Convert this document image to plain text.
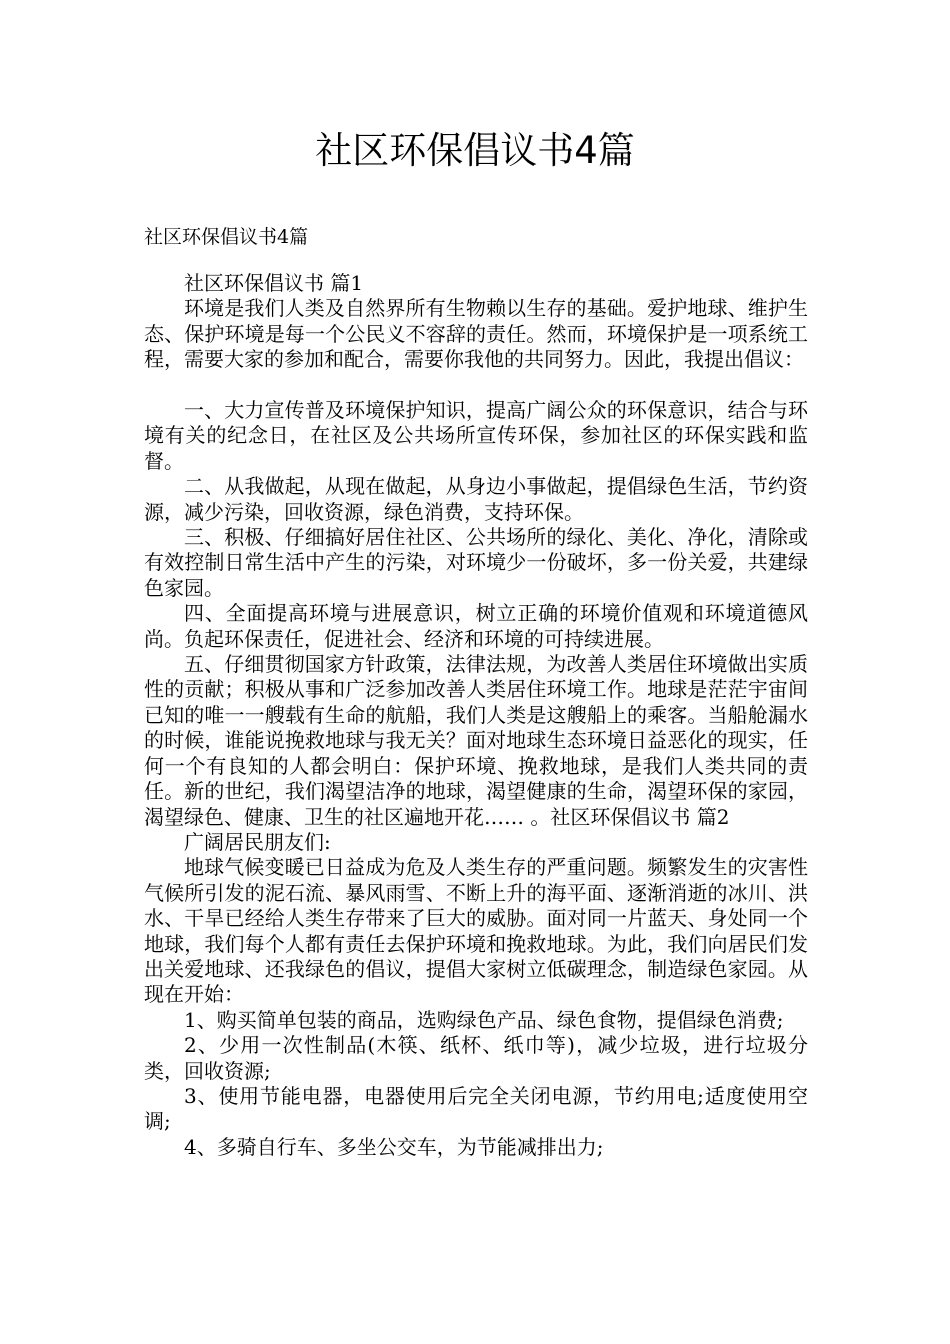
社区环保倡议书4篇

社区环保倡议书4篇

社区环保倡议书 篇1

环境是我们人类及自然界所有生物赖以生存的基础。爱护地球、维护生态、保护环境是每一个公民义不容辞的责任。然而，环境保护是一项系统工程，需要大家的参加和配合，需要你我他的共同努力。因此，我提出倡议：

一、大力宣传普及环境保护知识，提高广阔公众的环保意识，结合与环境有关的纪念日，在社区及公共场所宣传环保，参加社区的环保实践和监督。

二、从我做起，从现在做起，从身边小事做起，提倡绿色生活，节约资源，减少污染，回收资源，绿色消费，支持环保。

三、积极、仔细搞好居住社区、公共场所的绿化、美化、净化，清除或有效控制日常生活中产生的污染，对环境少一份破坏，多一份关爱，共建绿色家园。

四、全面提高环境与进展意识，树立正确的环境价值观和环境道德风尚。负起环保责任，促进社会、经济和环境的可持续进展。

五、仔细贯彻国家方针政策，法律法规，为改善人类居住环境做出实质性的贡献；积极从事和广泛参加改善人类居住环境工作。地球是茫茫宇宙间已知的唯一一艘载有生命的航船，我们人类是这艘船上的乘客。当船舱漏水的时候，谁能说挽救地球与我无关？面对地球生态环境日益恶化的现实，任何一个有良知的人都会明白：保护环境、挽救地球，是我们人类共同的责任。新的世纪，我们渴望洁净的地球，渴望健康的生命，渴望环保的家园，渴望绿色、健康、卫生的社区遍地开花…… 。社区环保倡议书 篇2

广阔居民朋友们:

地球气候变暖已日益成为危及人类生存的严重问题。频繁发生的灾害性气候所引发的泥石流、暴风雨雪、不断上升的海平面、逐渐消逝的冰川、洪水、干旱已经给人类生存带来了巨大的威胁。面对同一片蓝天、身处同一个地球，我们每个人都有责任去保护环境和挽救地球。为此，我们向居民们发出关爱地球、还我绿色的倡议，提倡大家树立低碳理念，制造绿色家园。从现在开始：

1、购买简单包装的商品，选购绿色产品、绿色食物，提倡绿色消费;

2、少用一次性制品(木筷、纸杯、纸巾等)，减少垃圾，进行垃圾分类，回收资源;

3、使用节能电器，电器使用后完全关闭电源，节约用电;适度使用空调;

4、多骑自行车、多坐公交车，为节能减排出力;
